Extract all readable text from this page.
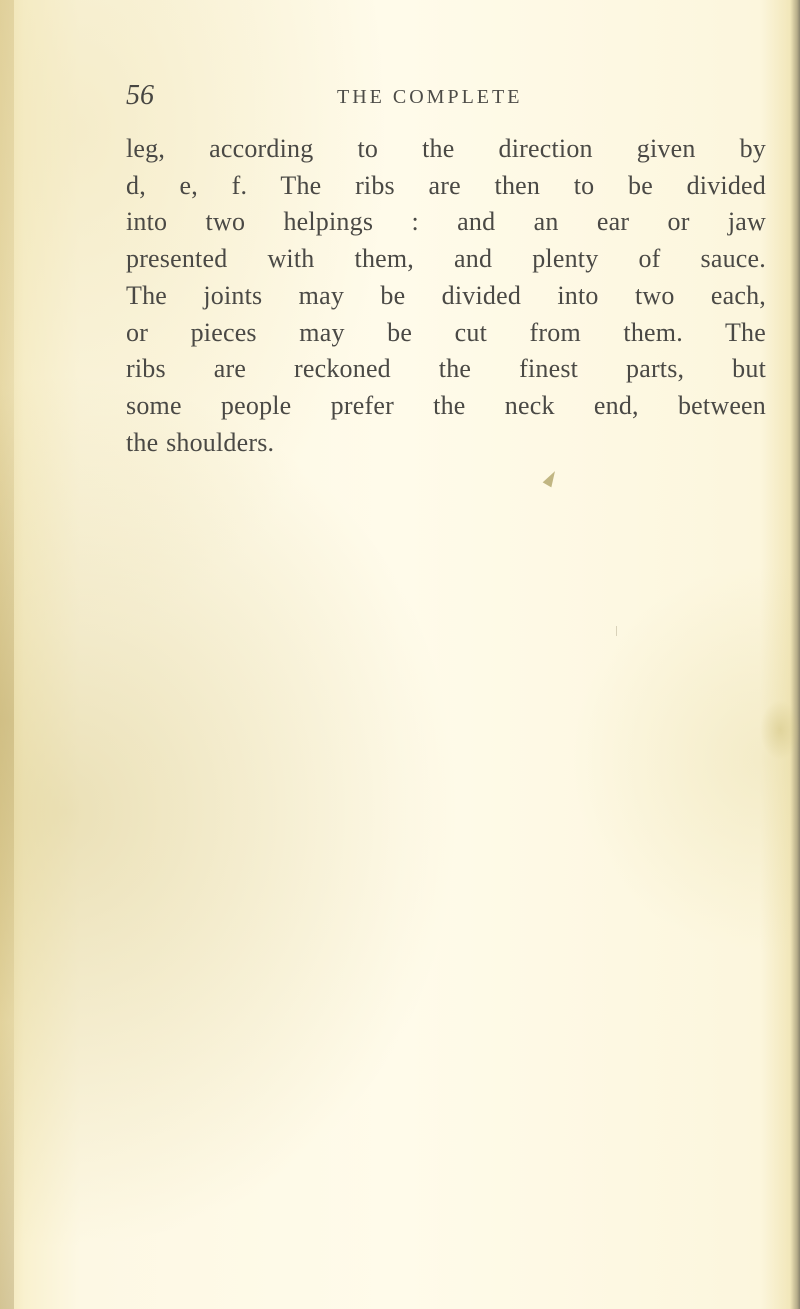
56	THE COMPLETE

leg, according to the direction given by
d, e, f. The ribs are then to be divided
into two helpings : and an ear or jaw
presented with them, and plenty of sauce.
The joints may be divided into two each,
or pieces may be cut from them. The
ribs are reckoned the finest parts, but
some people prefer the neck end, between
the shoulders.
